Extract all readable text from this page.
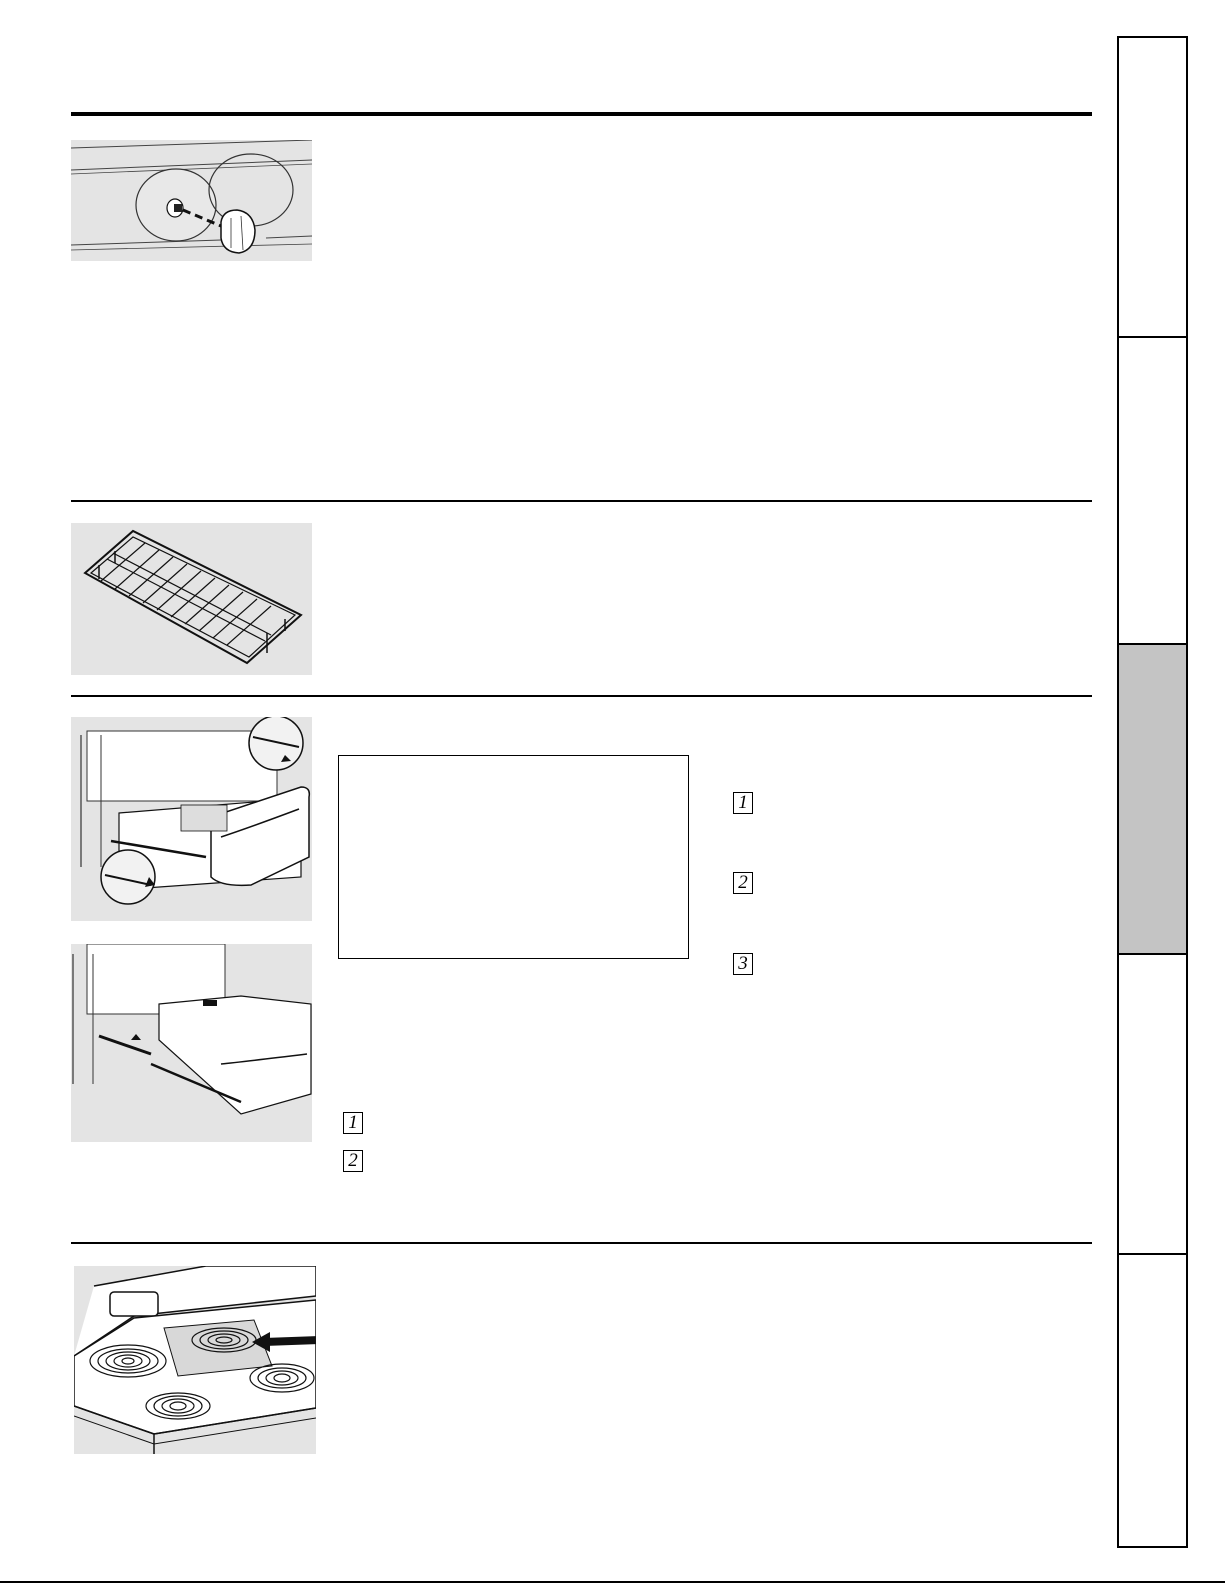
1
2
3
1
2
